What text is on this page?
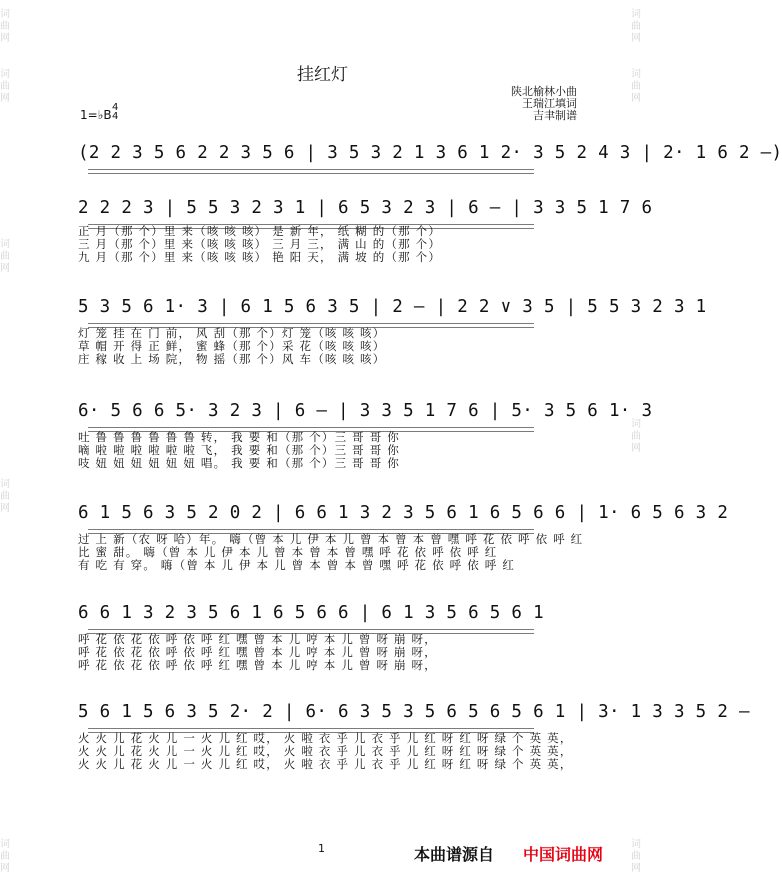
词
曲
网
词
曲
网
词
曲
网
词
曲
网
词
曲
网
词
曲
网
词
曲
网
词
曲
网
词
曲
网
挂红灯
陕北榆林小曲
王瑞江填词
吉聿制谱
1=♭B
4
4
(2 2 3 5 6 2 2 3 5 6 | 3 5 3 2 1 3 6 1 2· 3 5 2 4 3 | 2· 1 6 2 —)
2 2 2 3 | 5 5 3 2 3 1 | 6 5 3 2 3 | 6 — | 3 3 5 1 7 6
正 月（那 个）里 来（咳 咳 咳） 是 新 年， 纸 糊 的（那 个）
三 月（那 个）里 来（咳 咳 咳） 三 月 三， 满 山 的（那 个）
九 月（那 个）里 来（咳 咳 咳） 艳 阳 天， 满 坡 的（那 个）
5 3 5 6 1· 3 | 6 1 5 6 3 5 | 2 — | 2 2 ∨ 3 5 | 5 5 3 2 3 1
灯 笼 挂 在 门 前， 风 刮（那 个）灯 笼（咳 咳 咳）
草 帽 开 得 正 鲜， 蜜 蜂（那 个）采 花（咳 咳 咳）
庄 稼 收 上 场 院， 物 摇（那 个）风 车（咳 咳 咳）
6· 5 6 6 5· 3 2 3 | 6 — | 3 3 5 1 7 6 | 5· 3 5 6 1· 3
吐 鲁 鲁 鲁 鲁 鲁 鲁 转， 我 要 和（那 个）三 哥 哥 你
嘀 啦 啦 啦 啦 啦 啦 飞， 我 要 和（那 个）三 哥 哥 你
吱 妞 妞 妞 妞 妞 妞 唱。 我 要 和（那 个）三 哥 哥 你
6 1 5 6 3 5 2 0 2 | 6 6 1 3 2 3 5 6 1 6 5 6 6 | 1· 6 5 6 3 2
过 上 新（农 呀 哈）年。 嗨（曾 本 儿 伊 本 儿 曾 本 曾 本 曾 嘿 呼 花 依 呼 依 呼 红
比 蜜 甜。 嗨（曾 本 儿 伊 本 儿 曾 本 曾 本 曾 嘿 呼 花 依 呼 依 呼 红
有 吃 有 穿。 嗨（曾 本 儿 伊 本 儿 曾 本 曾 本 曾 嘿 呼 花 依 呼 依 呼 红
6 6 1 3 2 3 5 6 1 6 5 6 6 | 6 1 3 5 6 5 6 1
呼 花 依 花 依 呼 依 呼 红 嘿 曾 本 儿 哼 本 儿 曾 呀 崩 呀，
呼 花 依 花 依 呼 依 呼 红 嘿 曾 本 儿 哼 本 儿 曾 呀 崩 呀，
呼 花 依 花 依 呼 依 呼 红 嘿 曾 本 儿 哼 本 儿 曾 呀 崩 呀，
5 6 1 5 6 3 5 2· 2 | 6· 6 3 5 3 5 6 5 6 5 6 1 | 3· 1 3 3 5 2 —
火 火 儿 花 火 儿 一 火 儿 红 哎， 火 啦 衣 乎 儿 衣 乎 儿 红 呀 红 呀 绿 个 英 英，
火 火 儿 花 火 儿 一 火 儿 红 哎， 火 啦 衣 乎 儿 衣 乎 儿 红 呀 红 呀 绿 个 英 英，
火 火 儿 花 火 儿 一 火 儿 红 哎， 火 啦 衣 乎 儿 衣 乎 儿 红 呀 红 呀 绿 个 英 英，
1	本曲谱源自 中国词曲网
